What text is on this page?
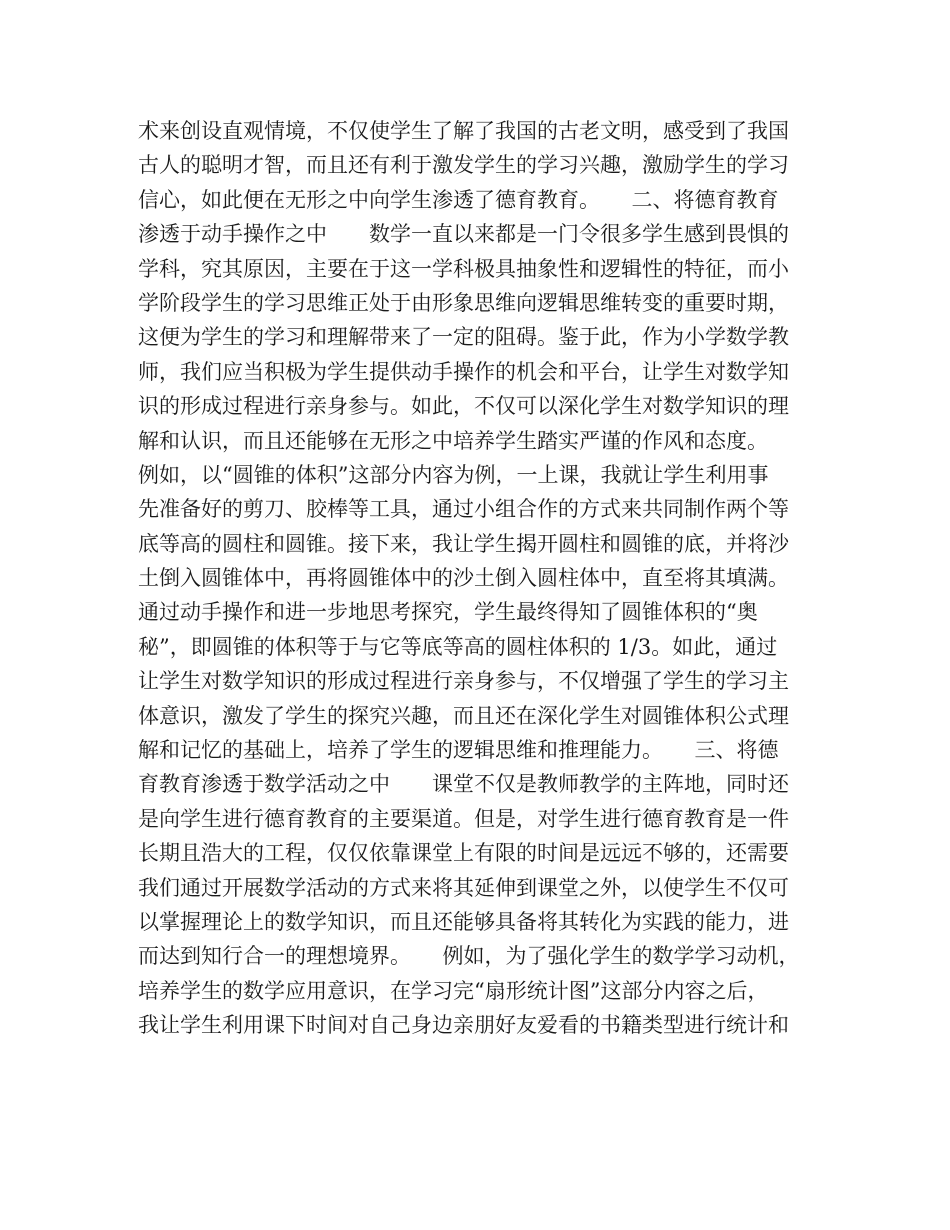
术来创设直观情境，不仅使学生了解了我国的古老文明，感受到了我国
古人的聪明才智，而且还有利于激发学生的学习兴趣，激励学生的学习
信心，如此便在无形之中向学生渗透了德育教育。　　二、将德育教育
渗透于动手操作之中　　数学一直以来都是一门令很多学生感到畏惧的
学科，究其原因，主要在于这一学科极具抽象性和逻辑性的特征，而小
学阶段学生的学习思维正处于由形象思维向逻辑思维转变的重要时期，
这便为学生的学习和理解带来了一定的阻碍。鉴于此，作为小学数学教
师，我们应当积极为学生提供动手操作的机会和平台，让学生对数学知
识的形成过程进行亲身参与。如此，不仅可以深化学生对数学知识的理
解和认识，而且还能够在无形之中培养学生踏实严谨的作风和态度。
例如，以“圆锥的体积”这部分内容为例，一上课，我就让学生利用事
先准备好的剪刀、胶棒等工具，通过小组合作的方式来共同制作两个等
底等高的圆柱和圆锥。接下来，我让学生揭开圆柱和圆锥的底，并将沙
土倒入圆锥体中，再将圆锥体中的沙土倒入圆柱体中，直至将其填满。
通过动手操作和进一步地思考探究，学生最终得知了圆锥体积的“奥
秘”，即圆锥的体积等于与它等底等高的圆柱体积的 1/3。如此，通过
让学生对数学知识的形成过程进行亲身参与，不仅增强了学生的学习主
体意识，激发了学生的探究兴趣，而且还在深化学生对圆锥体积公式理
解和记忆的基础上，培养了学生的逻辑思维和推理能力。　　三、将德
育教育渗透于数学活动之中　　课堂不仅是教师教学的主阵地，同时还
是向学生进行德育教育的主要渠道。但是，对学生进行德育教育是一件
长期且浩大的工程，仅仅依靠课堂上有限的时间是远远不够的，还需要
我们通过开展数学活动的方式来将其延伸到课堂之外，以使学生不仅可
以掌握理论上的数学知识，而且还能够具备将其转化为实践的能力，进
而达到知行合一的理想境界。　　例如，为了强化学生的数学学习动机，
培养学生的数学应用意识，在学习完“扇形统计图”这部分内容之后，
我让学生利用课下时间对自己身边亲朋好友爱看的书籍类型进行统计和
